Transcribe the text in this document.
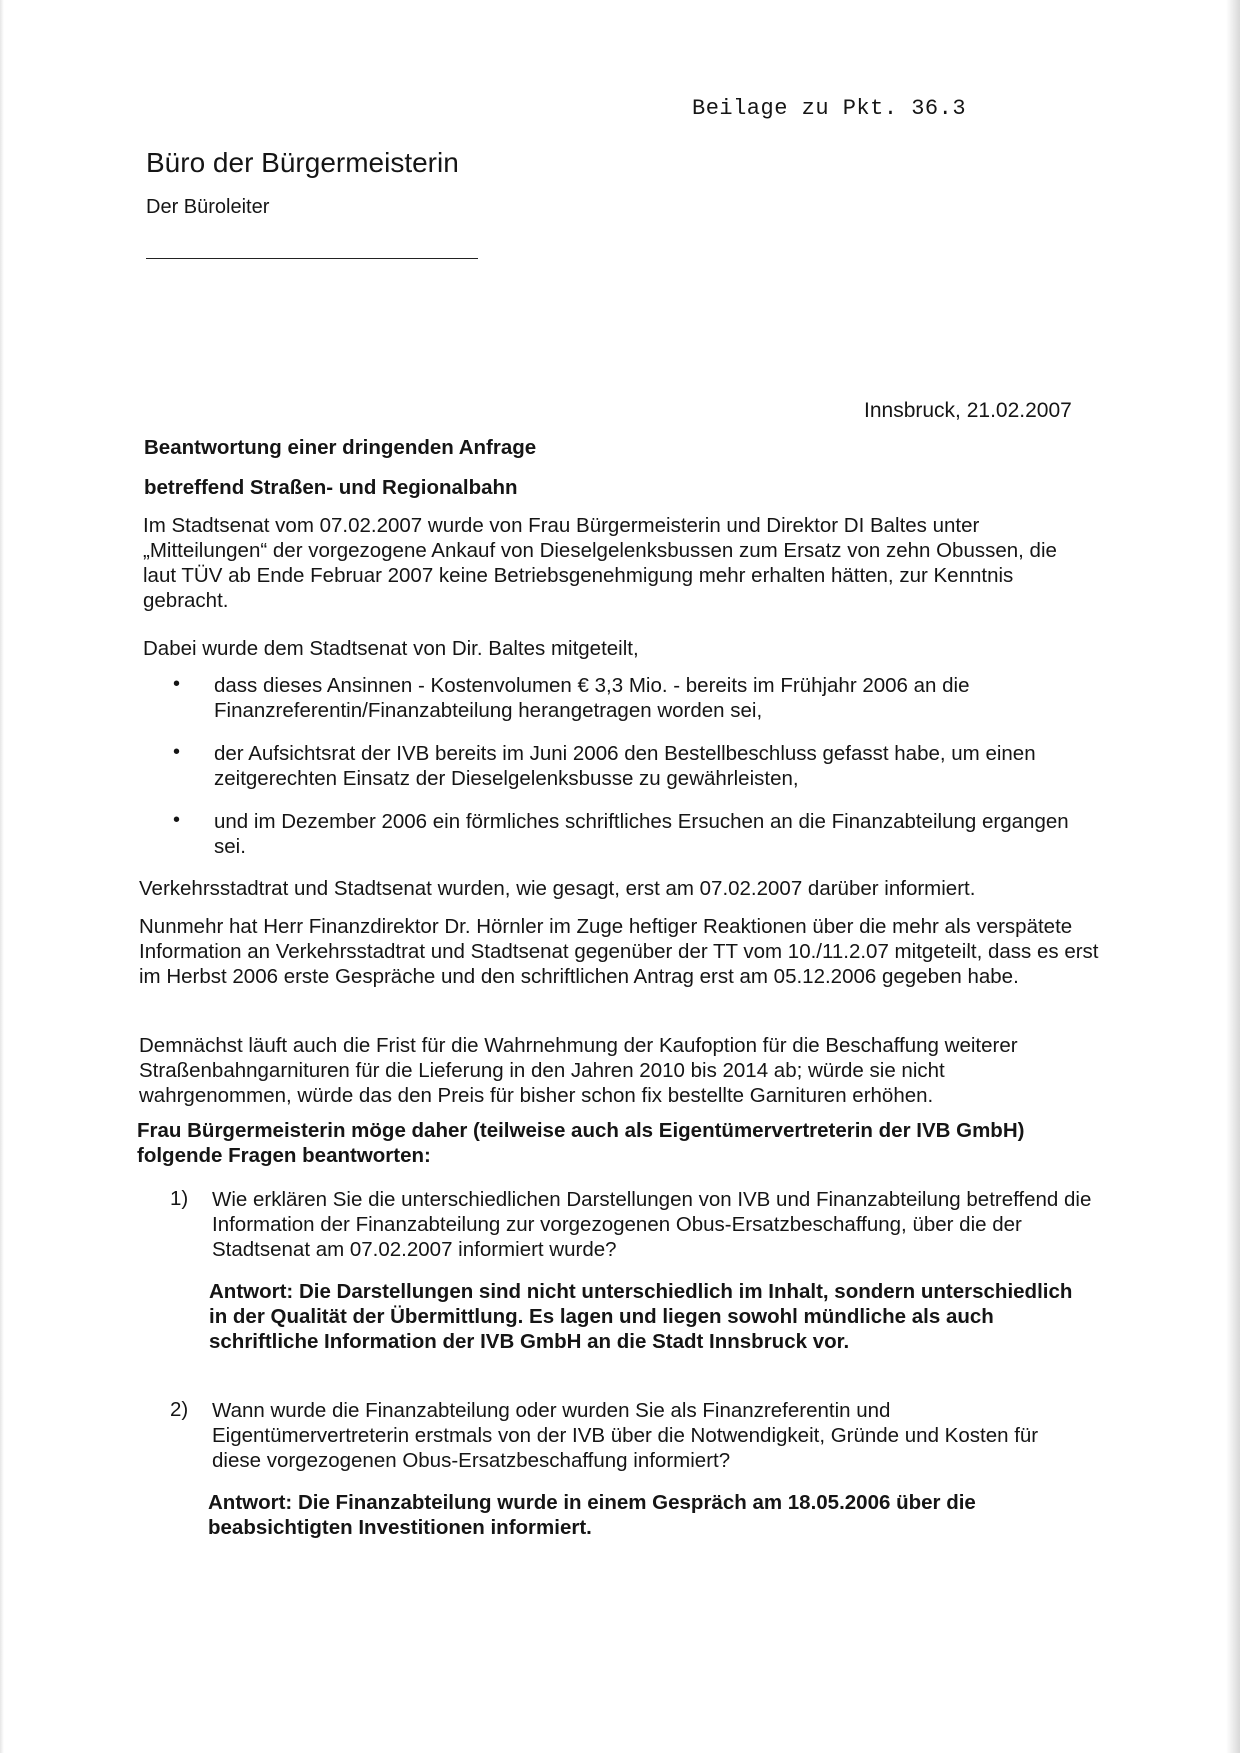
Beilage zu Pkt. 36.3
Büro der Bürgermeisterin
Der Büroleiter
Innsbruck, 21.02.2007
Beantwortung einer dringenden Anfrage
betreffend Straßen- und Regionalbahn
Im Stadtsenat vom 07.02.2007 wurde von Frau Bürgermeisterin und Direktor DI Baltes unter „Mitteilungen“ der vorgezogene Ankauf von Dieselgelenksbussen zum Ersatz von zehn Obussen, die laut TÜV ab Ende Februar 2007 keine Betriebsgenehmigung mehr erhalten hätten, zur Kenntnis gebracht.
Dabei wurde dem Stadtsenat von Dir. Baltes mitgeteilt,
• dass dieses Ansinnen - Kostenvolumen € 3,3 Mio. - bereits im Frühjahr 2006 an die Finanzreferentin/Finanzabteilung herangetragen worden sei,
• der Aufsichtsrat der IVB bereits im Juni 2006 den Bestellbeschluss gefasst habe, um einen zeitgerechten Einsatz der Dieselgelenksbusse zu gewährleisten,
• und im Dezember 2006 ein förmliches schriftliches Ersuchen an die Finanzabteilung ergangen sei.
Verkehrsstadtrat und Stadtsenat wurden, wie gesagt, erst am 07.02.2007 darüber informiert.
Nunmehr hat Herr Finanzdirektor Dr. Hörnler im Zuge heftiger Reaktionen über die mehr als verspätete Information an Verkehrsstadtrat und Stadtsenat gegenüber der TT vom 10./11.2.07 mitgeteilt, dass es erst im Herbst 2006 erste Gespräche und den schriftlichen Antrag erst am 05.12.2006 gegeben habe.
Demnächst läuft auch die Frist für die Wahrnehmung der Kaufoption für die Beschaffung weiterer Straßenbahngarnituren für die Lieferung in den Jahren 2010 bis 2014 ab; würde sie nicht wahrgenommen, würde das den Preis für bisher schon fix bestellte Garnituren erhöhen.
Frau Bürgermeisterin möge daher (teilweise auch als Eigentümervertreterin der IVB GmbH) folgende Fragen beantworten:
1) Wie erklären Sie die unterschiedlichen Darstellungen von IVB und Finanzabteilung betreffend die Information der Finanzabteilung zur vorgezogenen Obus-Ersatzbeschaffung, über die der Stadtsenat am 07.02.2007 informiert wurde?
Antwort: Die Darstellungen sind nicht unterschiedlich im Inhalt, sondern unterschiedlich in der Qualität der Übermittlung. Es lagen und liegen sowohl mündliche als auch schriftliche Information der IVB GmbH an die Stadt Innsbruck vor.
2) Wann wurde die Finanzabteilung oder wurden Sie als Finanzreferentin und Eigentümervertreterin erstmals von der IVB über die Notwendigkeit, Gründe und Kosten für diese vorgezogenen Obus-Ersatzbeschaffung informiert?
Antwort: Die Finanzabteilung wurde in einem Gespräch am 18.05.2006 über die beabsichtigten Investitionen informiert.
